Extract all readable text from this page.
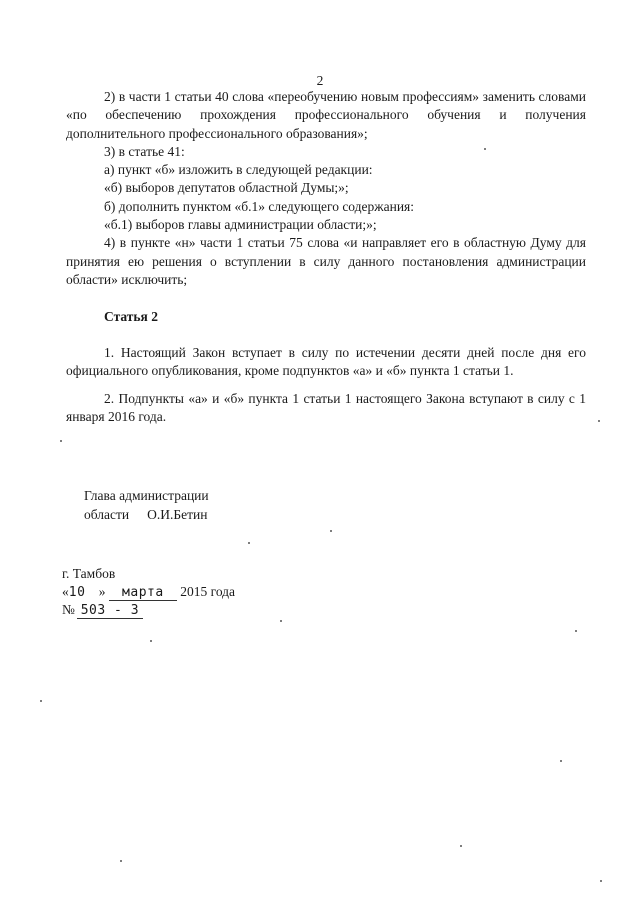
2

2) в части 1 статьи 40 слова «переобучению новым профессиям» заменить словами «по обеспечению прохождения профессионального обучения и получения дополнительного профессионального образования»;

3) в статье 41:

а) пункт «б» изложить в следующей редакции:

«б) выборов депутатов областной Думы;»;

б) дополнить пунктом «б.1» следующего содержания:

«б.1) выборов главы администрации области;»;

4) в пункте «н» части 1 статьи 75 слова «и направляет его в областную Думу для принятия ею решения о вступлении в силу данного постановления администрации области» исключить;

Статья 2

1. Настоящий Закон вступает в силу по истечении десяти дней после дня его официального опубликования, кроме подпунктов «а» и «б» пункта 1 статьи 1.

2. Подпункты «а» и «б» пункта 1 статьи 1 настоящего Закона вступают в силу с 1 января 2016 года.

Глава администрации
области О.И.Бетин
г. Тамбов
«10 » марта 2015 года
№ 503 - З
